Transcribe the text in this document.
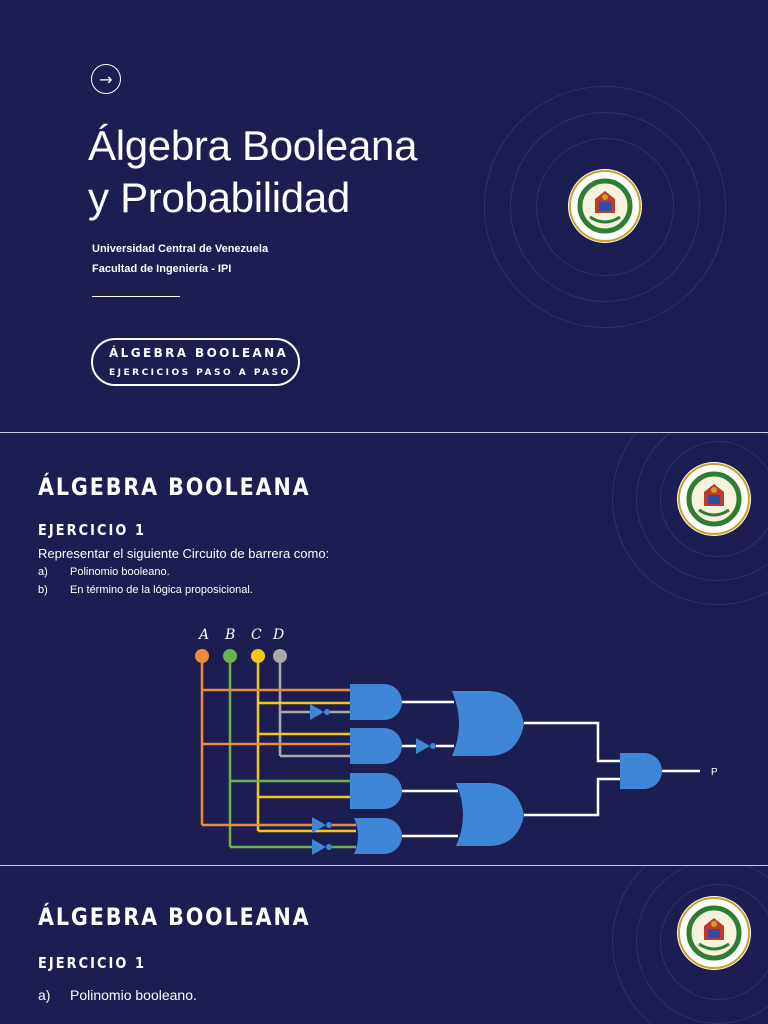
→
Álgebra Booleana
y Probabilidad
Universidad Central de Venezuela
Facultad de Ingeniería - IPI
ÁLGEBRA BOOLEANA
EJERCICIOS PASO A PASO
ÁLGEBRA BOOLEANA
EJERCICIO 1
Representar el siguiente Circuito de barrera como:
a) Polinomio booleano.
b) En término de la lógica proposicional.
A B C D
P
ÁLGEBRA BOOLEANA
EJERCICIO 1
a) Polinomio booleano.
